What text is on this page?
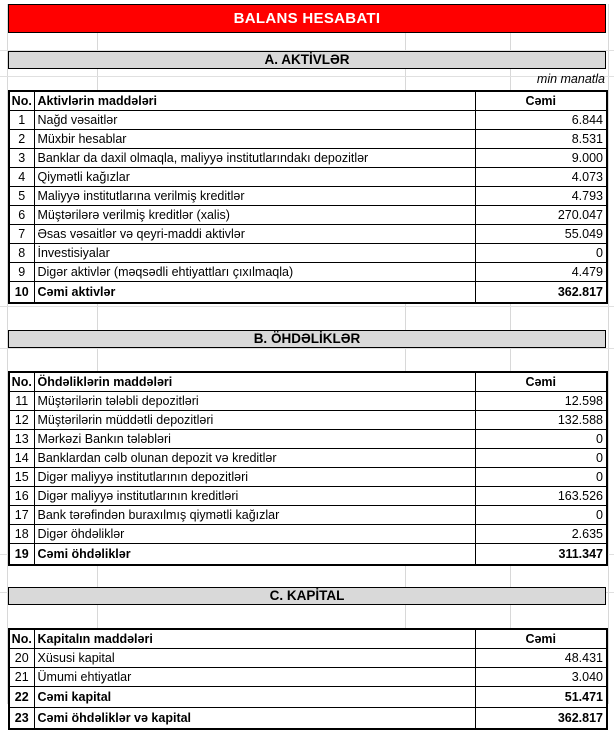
BALANS HESABATI
A. AKTİVLƏR
min manatla
No.	Aktivlərin maddələri	Cəmi
1	Nağd vəsaitlər	6.844
2	Müxbir hesablar	8.531
3	Banklar da daxil olmaqla, maliyyə institutlarındakı depozitlər	9.000
4	Qiymətli kağızlar	4.073
5	Maliyyə institutlarına verilmiş kreditlər	4.793
6	Müştərilərə verilmiş kreditlər (xalis)	270.047
7	Əsas vəsaitlər və qeyri-maddi aktivlər	55.049
8	İnvestisiyalar	0
9	Digər aktivlər (məqsədli ehtiyattları çıxılmaqla)	4.479
10	Cəmi aktivlər	362.817
B. ÖHDƏLİKLƏR
No.	Öhdəliklərin maddələri	Cəmi
11	Müştərilərin tələbli depozitləri	12.598
12	Müştərilərin müddətli depozitləri	132.588
13	Mərkəzi Bankın tələbləri	0
14	Banklardan cəlb olunan depozit və kreditlər	0
15	Digər maliyyə institutlarının depozitləri	0
16	Digər maliyyə institutlarının kreditləri	163.526
17	Bank tərəfindən buraxılmış qiymətli kağızlar	0
18	Digər öhdəliklər	2.635
19	Cəmi öhdəliklər	311.347
C. KAPİTAL
No.	Kapitalın maddələri	Cəmi
20	Xüsusi kapital	48.431
21	Ümumi ehtiyatlar	3.040
22	Cəmi kapital	51.471
23	Cəmi öhdəliklər və kapital	362.817
